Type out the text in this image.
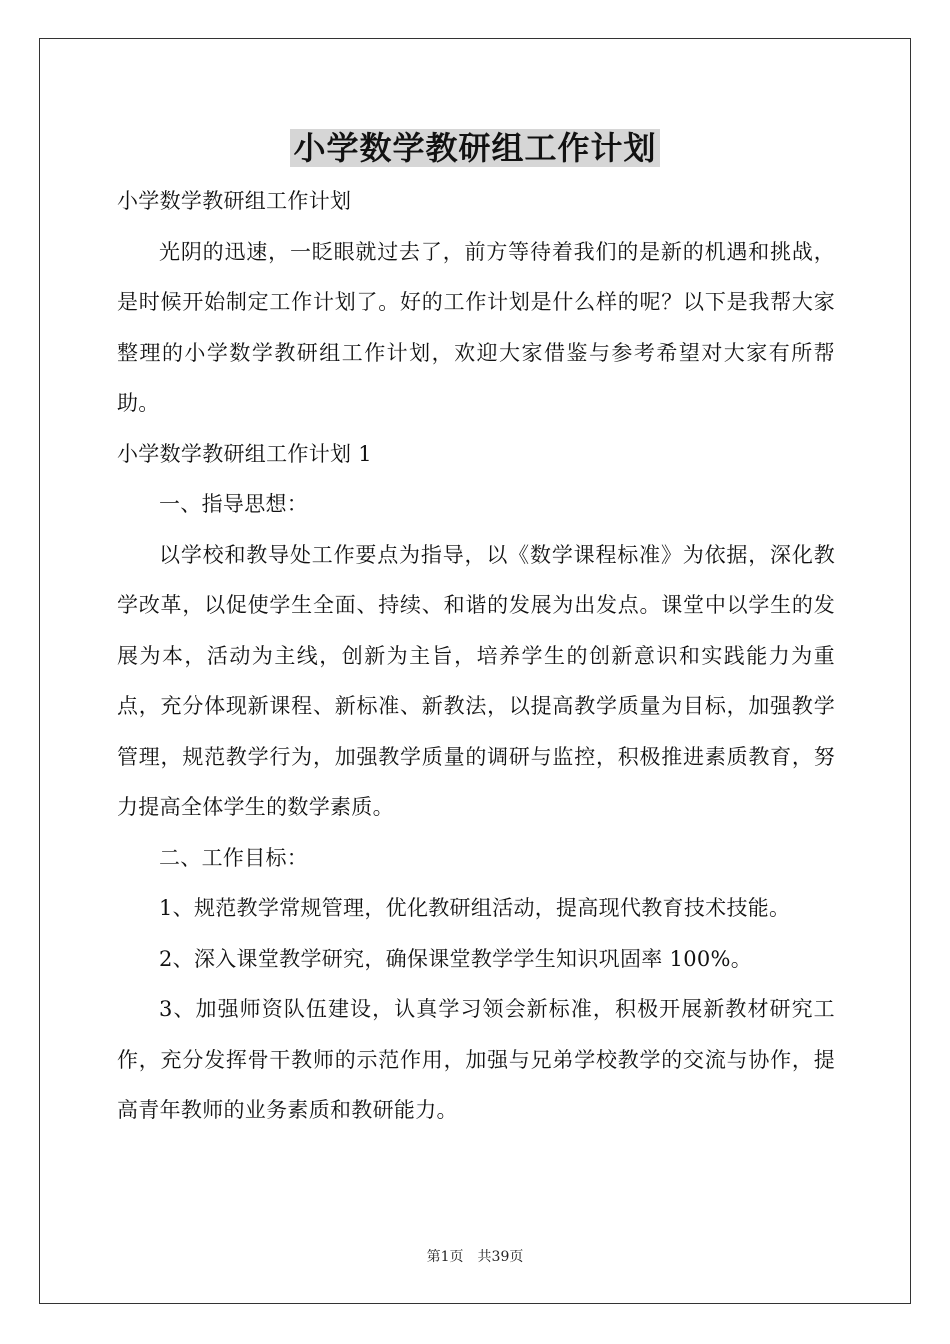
小学数学教研组工作计划

小学数学教研组工作计划

光阴的迅速，一眨眼就过去了，前方等待着我们的是新的机遇和挑战，是时候开始制定工作计划了。好的工作计划是什么样的呢？以下是我帮大家整理的小学数学教研组工作计划，欢迎大家借鉴与参考希望对大家有所帮助。

小学数学教研组工作计划 1

一、指导思想：

以学校和教导处工作要点为指导，以《数学课程标准》为依据，深化教学改革，以促使学生全面、持续、和谐的发展为出发点。课堂中以学生的发展为本，活动为主线，创新为主旨，培养学生的创新意识和实践能力为重点，充分体现新课程、新标准、新教法，以提高教学质量为目标，加强教学管理，规范教学行为，加强教学质量的调研与监控，积极推进素质教育，努力提高全体学生的数学素质。

二、工作目标：

1、规范教学常规管理，优化教研组活动，提高现代教育技术技能。

2、深入课堂教学研究，确保课堂教学学生知识巩固率 100%。

3、加强师资队伍建设，认真学习领会新标准，积极开展新教材研究工作，充分发挥骨干教师的示范作用，加强与兄弟学校教学的交流与协作，提高青年教师的业务素质和教研能力。

第1页 共39页
